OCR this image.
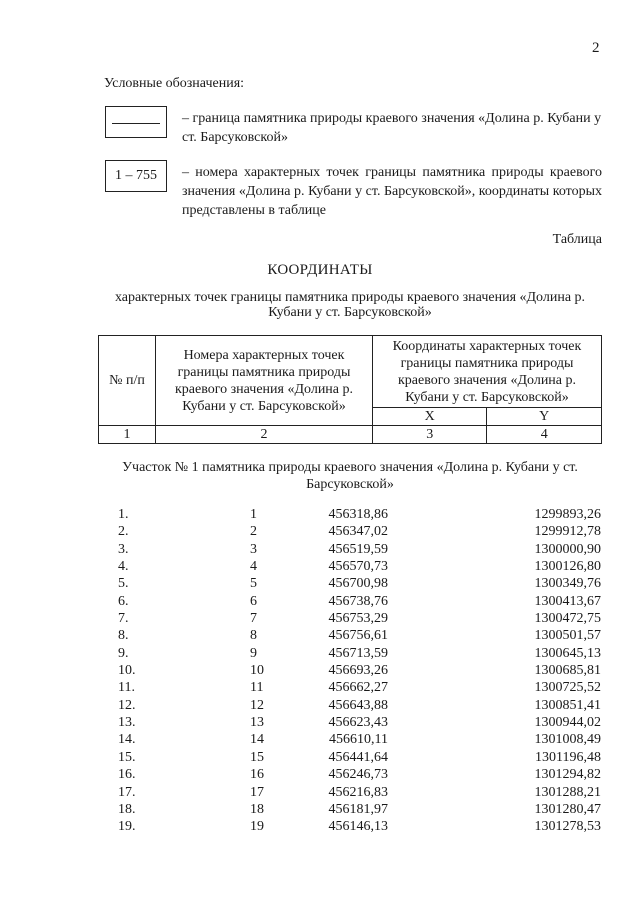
2
Условные обозначения:
– граница памятника природы краевого значения «Долина р. Кубани у ст. Барсуковской»
1 – 755	– номера характерных точек границы памятника природы краевого значения «Долина р. Кубани у ст. Барсуковской», координаты которых представлены в таблице
Таблица
КООРДИНАТЫ
характерных точек границы памятника природы краевого значения «Долина р. Кубани у ст. Барсуковской»
№ п/п	Номера характерных точек границы памятника природы краевого значения «Долина р. Кубани у ст. Барсуковской»	Координаты характерных точек границы памятника природы краевого значения «Долина р. Кубани у ст. Барсуковской»	
		X	Y
1	2	3	4
Участок № 1 памятника природы краевого значения «Долина р. Кубани у ст. Барсуковской»
1.	1	456318,86	1299893,26
2.	2	456347,02	1299912,78
3.	3	456519,59	1300000,90
4.	4	456570,73	1300126,80
5.	5	456700,98	1300349,76
6.	6	456738,76	1300413,67
7.	7	456753,29	1300472,75
8.	8	456756,61	1300501,57
9.	9	456713,59	1300645,13
10.	10	456693,26	1300685,81
11.	11	456662,27	1300725,52
12.	12	456643,88	1300851,41
13.	13	456623,43	1300944,02
14.	14	456610,11	1301008,49
15.	15	456441,64	1301196,48
16.	16	456246,73	1301294,82
17.	17	456216,83	1301288,21
18.	18	456181,97	1301280,47
19.	19	456146,13	1301278,53
